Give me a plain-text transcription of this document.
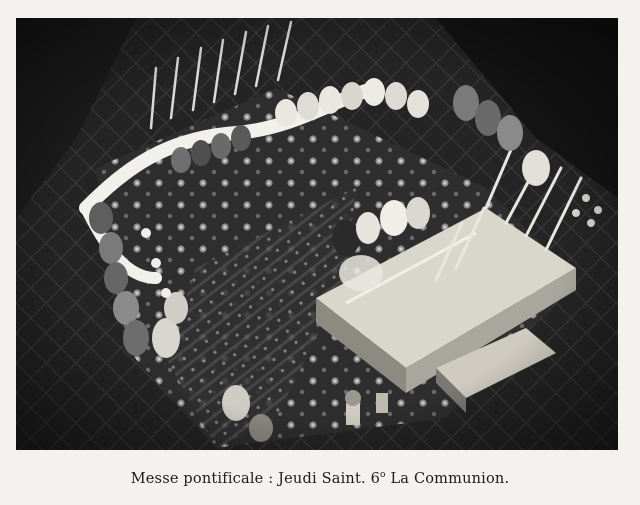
Messe pontificale : Jeudi Saint. 6$^o$ La Communion.
